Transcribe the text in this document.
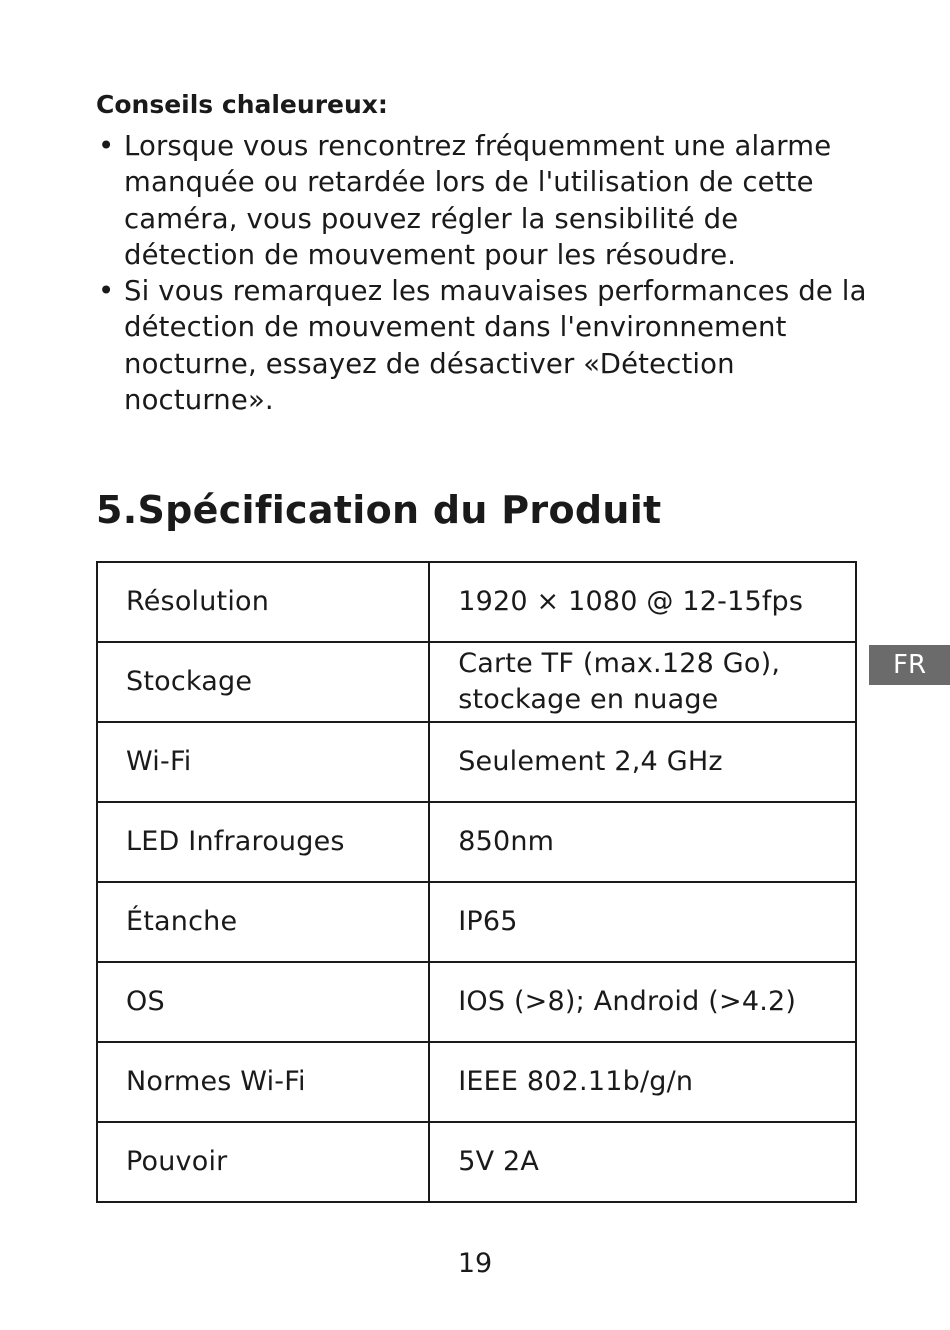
Conseils chaleureux:
• Lorsque vous rencontrez fréquemment une alarme manquée ou retardée lors de l'utilisation de cette caméra, vous pouvez régler la sensibilité de détection de mouvement pour les résoudre.
• Si vous remarquez les mauvaises performances de la détection de mouvement dans l'environnement nocturne, essayez de désactiver «Détection nocturne».
5.Spécification du Produit
Résolution	1920 × 1080 @ 12-15fps
Stockage	Carte TF (max.128 Go), stockage en nuage
Wi-Fi	Seulement 2,4 GHz
LED Infrarouges	850nm
Étanche	IP65
OS	IOS (>8); Android (>4.2)
Normes Wi-Fi	IEEE 802.11b/g/n
Pouvoir	5V 2A
FR
19
